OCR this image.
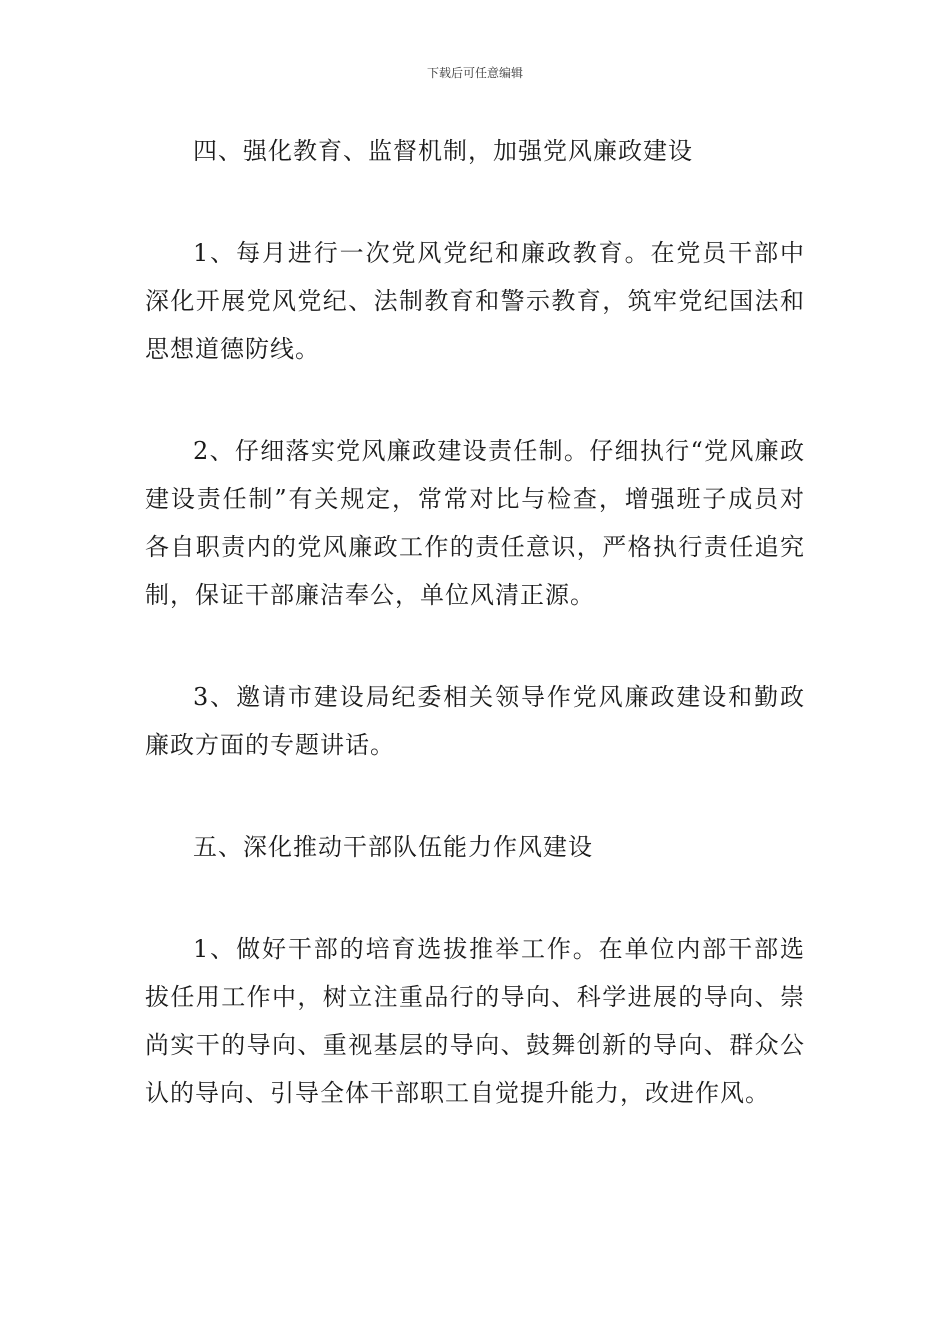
下载后可任意编辑

四、强化教育、监督机制，加强党风廉政建设

1、每月进行一次党风党纪和廉政教育。在党员干部中深化开展党风党纪、法制教育和警示教育，筑牢党纪国法和思想道德防线。

2、仔细落实党风廉政建设责任制。仔细执行“党风廉政建设责任制”有关规定，常常对比与检查，增强班子成员对各自职责内的党风廉政工作的责任意识，严格执行责任追究制，保证干部廉洁奉公，单位风清正源。

3、邀请市建设局纪委相关领导作党风廉政建设和勤政廉政方面的专题讲话。

五、深化推动干部队伍能力作风建设

1、做好干部的培育选拔推举工作。在单位内部干部选拔任用工作中，树立注重品行的导向、科学进展的导向、崇尚实干的导向、重视基层的导向、鼓舞创新的导向、群众公认的导向、引导全体干部职工自觉提升能力，改进作风。
